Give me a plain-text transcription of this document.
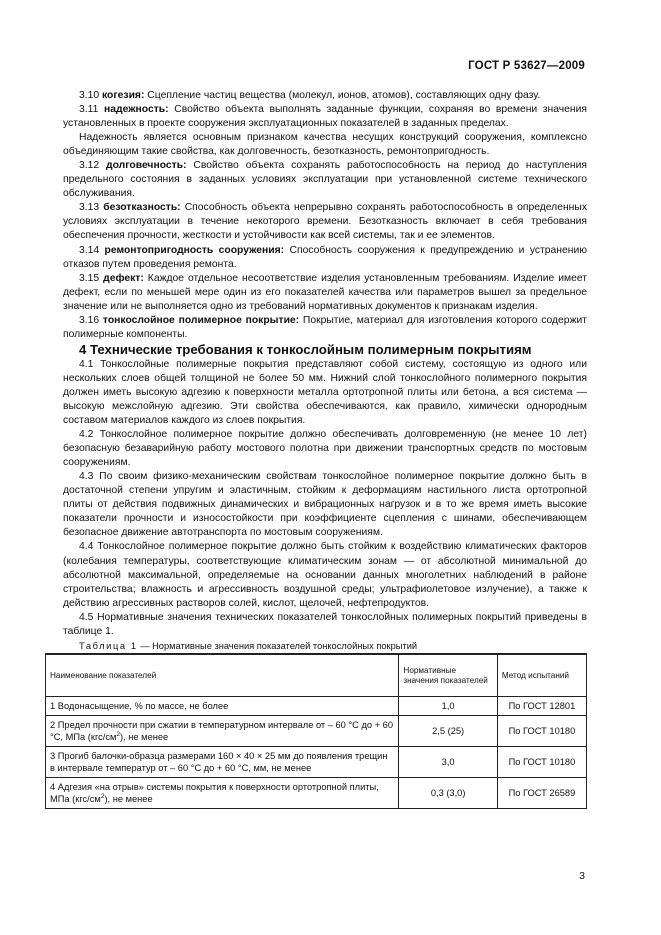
ГОСТ Р 53627—2009

3.10 когезия: Сцепление частиц вещества (молекул, ионов, атомов), составляющих одну фазу.

3.11 надежность: Свойство объекта выполнять заданные функции, сохраняя во времени значения установленных в проекте сооружения эксплуатационных показателей в заданных пределах.

Надежность является основным признаком качества несущих конструкций сооружения, комплексно объединяющим такие свойства, как долговечность, безотказность, ремонтопригодность.

3.12 долговечность: Свойство объекта сохранять работоспособность на период до наступления предельного состояния в заданных условиях эксплуатации при установленной системе технического обслуживания.

3.13 безотказность: Способность объекта непрерывно сохранять работоспособность в определенных условиях эксплуатации в течение некоторого времени. Безотказность включает в себя требования обеспечения прочности, жесткости и устойчивости как всей системы, так и ее элементов.

3.14 ремонтопригодность сооружения: Способность сооружения к предупреждению и устранению отказов путем проведения ремонта.

3.15 дефект: Каждое отдельное несоответствие изделия установленным требованиям. Изделие имеет дефект, если по меньшей мере один из его показателей качества или параметров вышел за предельное значение или не выполняется одно из требований нормативных документов к признакам изделия.

3.16 тонкослойное полимерное покрытие: Покрытие, материал для изготовления которого содержит полимерные компоненты.

4 Технические требования к тонкослойным полимерным покрытиям

4.1 Тонкослойные полимерные покрытия представляют собой систему, состоящую из одного или нескольких слоев общей толщиной не более 50 мм. Нижний слой тонкослойного полимерного покрытия должен иметь высокую адгезию к поверхности металла ортотропной плиты или бетона, а вся система — высокую межслойную адгезию. Эти свойства обеспечиваются, как правило, химически однородным составом материалов каждого из слоев покрытия.

4.2 Тонкослойное полимерное покрытие должно обеспечивать долговременную (не менее 10 лет) безопасную безаварийную работу мостового полотна при движении транспортных средств по мостовым сооружениям.

4.3 По своим физико-механическим свойствам тонкослойное полимерное покрытие должно быть в достаточной степени упругим и эластичным, стойким к деформациям настильного листа ортотропной плиты от действия подвижных динамических и вибрационных нагрузок и в то же время иметь высокие показатели прочности и износостойкости при коэффициенте сцепления с шинами, обеспечивающем безопасное движение автотранспорта по мостовым сооружениям.

4.4 Тонкослойное полимерное покрытие должно быть стойким к воздействию климатических факторов (колебания температуры, соответствующие климатическим зонам — от абсолютной минимальной до абсолютной максимальной, определяемые на основании данных многолетних наблюдений в районе строительства; влажность и агрессивность воздушной среды; ультрафиолетовое излучение), а также к действию агрессивных растворов солей, кислот, щелочей, нефтепродуктов.

4.5 Нормативные значения технических показателей тонкослойных полимерных покрытий приведены в таблице 1.

Таблица 1 — Нормативные значения показателей тонкослойных покрытий

Наименование показателей	Нормативные значения показателей	Метод испытаний
1 Водонасыщение, % по массе, не более	1,0	По ГОСТ 12801
2 Предел прочности при сжатии в температурном интервале от – 60 °С до + 60 °С, МПа $(кгс/см^2)$, не менее	2,5 (25)	По ГОСТ 10180
3 Прогиб балочки-образца размерами 160 × 40 × 25 мм до появления трещин в интервале температур от – 60 °С до + 60 °С, мм, не менее	3,0	По ГОСТ 10180
4 Адгезия «на отрыв» системы покрытия к поверхности ортотропной плиты, МПа $(кгс/см^2)$, не менее	0,3 (3,0)	По ГОСТ 26589
3
